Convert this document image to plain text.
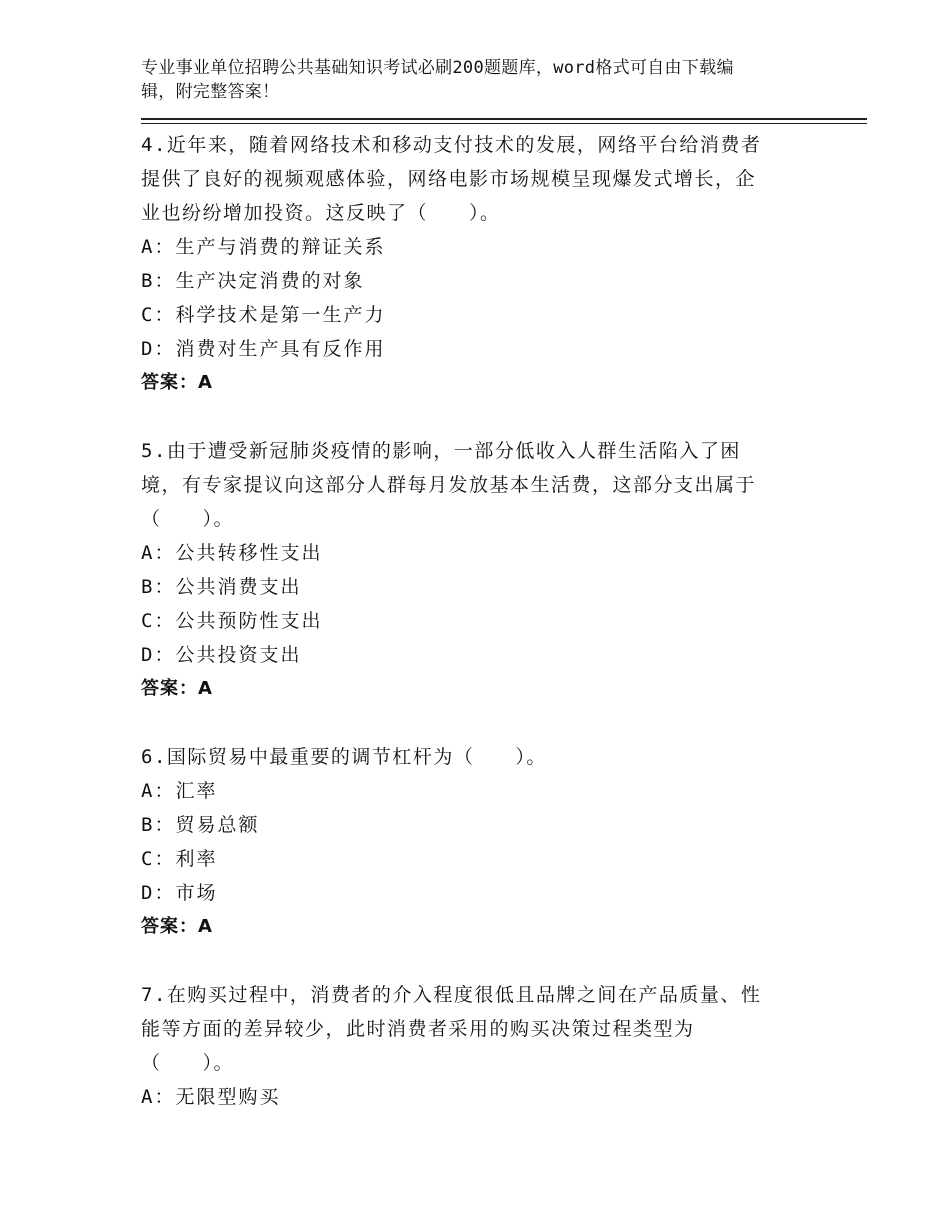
专业事业单位招聘公共基础知识考试必刷200题题库，word格式可自由下载编
辑，附完整答案！
4.近年来，随着网络技术和移动支付技术的发展，网络平台给消费者
提供了良好的视频观感体验，网络电影市场规模呈现爆发式增长，企
业也纷纷增加投资。这反映了（　　）。
A：生产与消费的辩证关系
B：生产决定消费的对象
C：科学技术是第一生产力
D：消费对生产具有反作用
答案：A
5.由于遭受新冠肺炎疫情的影响，一部分低收入人群生活陷入了困
境，有专家提议向这部分人群每月发放基本生活费，这部分支出属于
（　　）。
A：公共转移性支出
B：公共消费支出
C：公共预防性支出
D：公共投资支出
答案：A
6.国际贸易中最重要的调节杠杆为（　　）。
A：汇率
B：贸易总额
C：利率
D：市场
答案：A
7.在购买过程中，消费者的介入程度很低且品牌之间在产品质量、性
能等方面的差异较少，此时消费者采用的购买决策过程类型为
（　　）。
A：无限型购买
